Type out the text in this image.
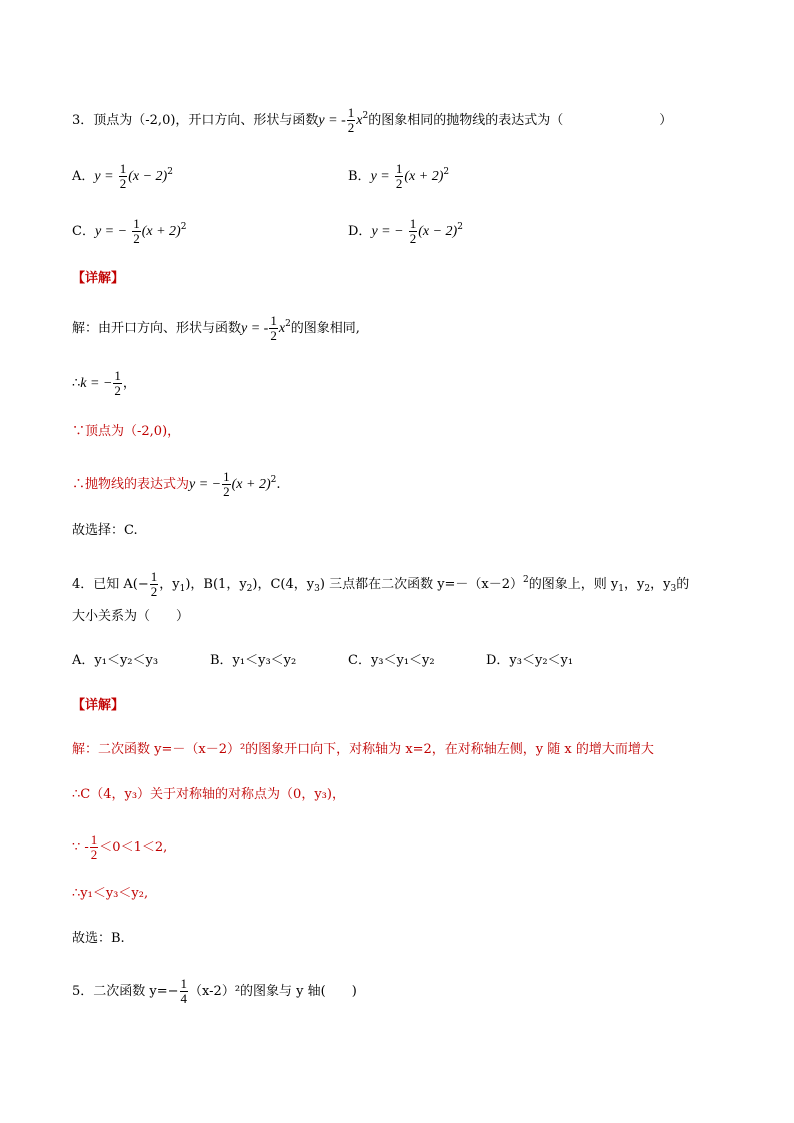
3．顶点为（-2,0)，开口方向、形状与函数y = - $\frac{1}{2} x^2$的图象相同的抛物线的表达式为（	）
A．$y = \frac{1}{2} (x - 2)^2$	B．$y = \frac{1}{2} (x + 2)^2$
C．y = − $\frac{1}{2} (x + 2)^2$	D．y = − $\frac{1}{2} (x - 2)^2$
【详解】
解：由开口方向、形状与函数y = - $\frac{1}{2} x^2$的图象相同,
∴k = − $\frac{1}{2}$ ，
∵顶点为（-2,0)，
∴抛物线的表达式为y = − $\frac{1}{2} (x + 2)^2$.
故选择：C.
4．已知 $A(- \frac{1}{2}$ ，$y_1$)，B(1，$y_2$)，C(4，$y_3$) 三点都在二次函数 $y=-(x-2)^2$的图象上，则 $y_1$，$y_2$，$y_3$的
大小关系为（　　）
A．y₁＜y₂＜y₃	B．y₁＜y₃＜y₂	C．y₃＜y₁＜y₂	D．y₃＜y₂＜y₁
【详解】
解：二次函数 y=－（x－2）²的图象开口向下，对称轴为 x=2，在对称轴左侧，y 随 x 的增大而增大
∴C（4，y₃）关于对称轴的对称点为（0，y₃)，
∵ - $\frac{1}{2} <0<1<2$,
∴y₁＜y₃＜y₂,
故选：B.
5．二次函数 $y=- \frac{1}{4} (x-2)^2$的图象与 y 轴(　　)
